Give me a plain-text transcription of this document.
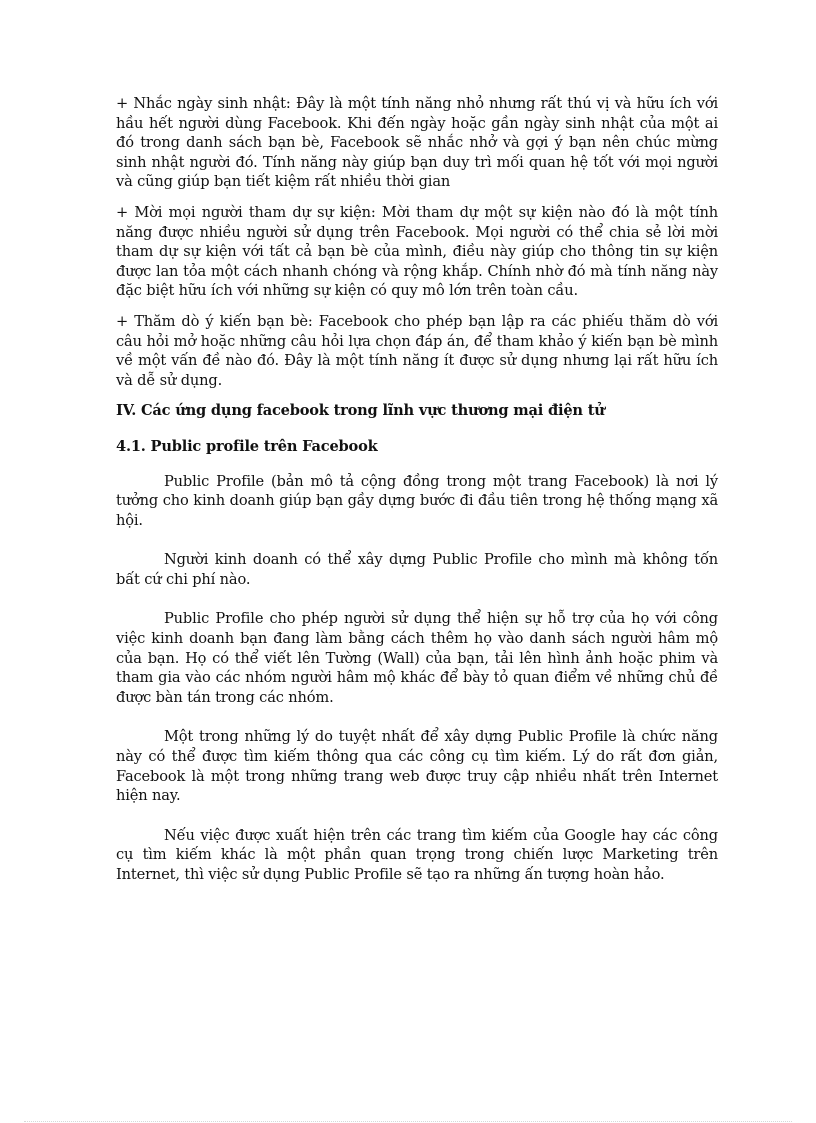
+ Nhắc ngày sinh nhật: Đây là một tính năng nhỏ nhưng rất thú vị và hữu ích với hầu hết người dùng Facebook. Khi đến ngày hoặc gần ngày sinh nhật của một ai đó trong danh sách bạn bè, Facebook sẽ nhắc nhở và gợi ý bạn nên chúc mừng sinh nhật người đó. Tính năng này giúp bạn duy trì mối quan hệ tốt với mọi người và cũng giúp bạn tiết kiệm rất nhiều thời gian

+ Mời mọi người tham dự sự kiện: Mời tham dự một sự kiện nào đó là một tính năng được nhiều người sử dụng trên Facebook. Mọi người có thể chia sẻ lời mời tham dự sự kiện với tất cả bạn bè của mình, điều này giúp cho thông tin sự kiện được lan tỏa một cách nhanh chóng và rộng khắp. Chính nhờ đó mà tính năng này đặc biệt hữu ích với những sự kiện có quy mô lớn trên toàn cầu.

+ Thăm dò ý kiến bạn bè: Facebook cho phép bạn lập ra các phiếu thăm dò với câu hỏi mở hoặc những câu hỏi lựa chọn đáp án, để tham khảo ý kiến bạn bè mình về một vấn đề nào đó. Đây là một tính năng ít được sử dụng nhưng lại rất hữu ích và dễ sử dụng.

IV. Các ứng dụng facebook trong lĩnh vực thương mại điện tử
4.1. Public profile trên Facebook

Public Profile (bản mô tả cộng đồng trong một trang Facebook) là nơi lý tưởng cho kinh doanh giúp bạn gầy dựng bước đi đầu tiên trong hệ thống mạng xã hội.

Người kinh doanh có thể xây dựng Public Profile cho mình mà không tốn bất cứ chi phí nào.

Public Profile cho phép người sử dụng thể hiện sự hỗ trợ của họ với công việc kinh doanh bạn đang làm bằng cách thêm họ vào danh sách người hâm mộ của bạn. Họ có thể viết lên Tường (Wall) của bạn, tải lên hình ảnh hoặc phim và tham gia vào các nhóm người hâm mộ khác để bày tỏ quan điểm về những chủ đề được bàn tán trong các nhóm.

Một trong những lý do tuyệt nhất để xây dựng Public Profile là chức năng này có thể được tìm kiếm thông qua các công cụ tìm kiếm. Lý do rất đơn giản, Facebook là một trong những trang web được truy cập nhiều nhất trên Internet hiện nay.

Nếu việc được xuất hiện trên các trang tìm kiếm của Google hay các công cụ tìm kiếm khác là một phần quan trọng trong chiến lược Marketing trên Internet, thì việc sử dụng Public Profile sẽ tạo ra những ấn tượng hoàn hảo.
